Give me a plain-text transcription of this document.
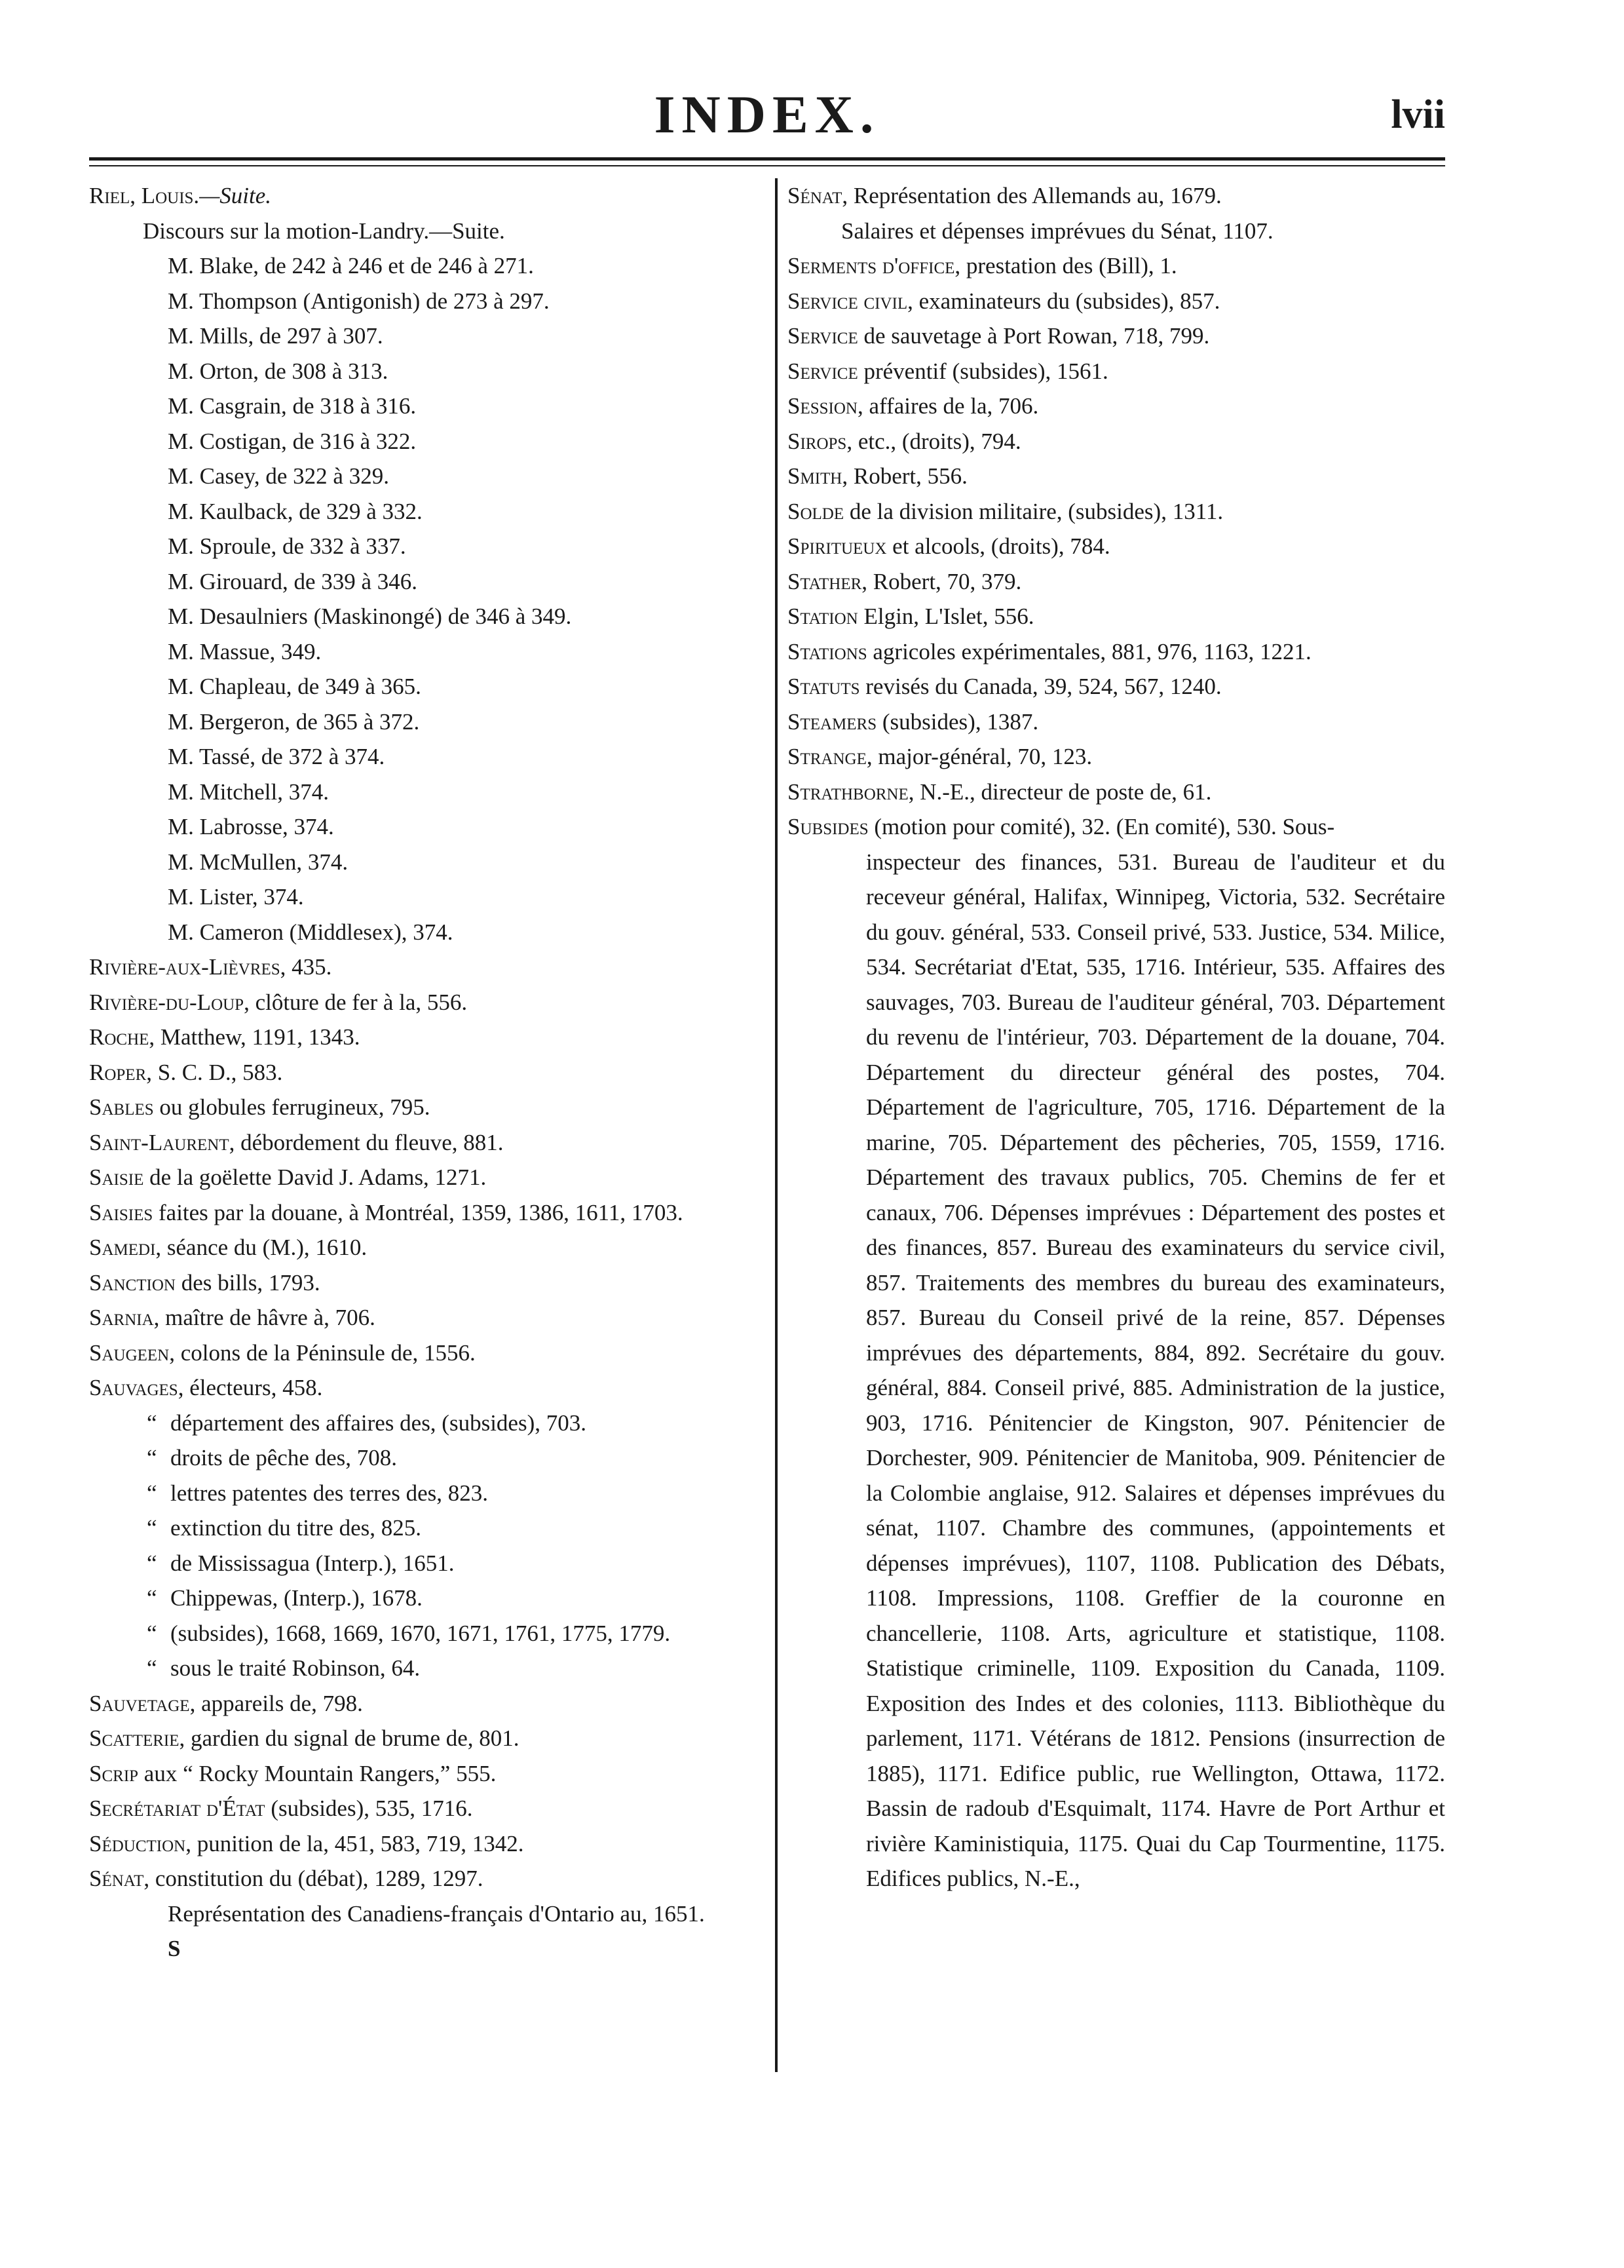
INDEX.	lvii

Riel, Louis.—Suite.

Discours sur la motion-Landry.—Suite.

M. Blake, de 242 à 246 et de 246 à 271.

M. Thompson (Antigonish) de 273 à 297.

M. Mills, de 297 à 307.

M. Orton, de 308 à 313.

M. Casgrain, de 318 à 316.

M. Costigan, de 316 à 322.

M. Casey, de 322 à 329.

M. Kaulback, de 329 à 332.

M. Sproule, de 332 à 337.

M. Girouard, de 339 à 346.

M. Desaulniers (Maskinongé) de 346 à 349.

M. Massue, 349.

M. Chapleau, de 349 à 365.

M. Bergeron, de 365 à 372.

M. Tassé, de 372 à 374.

M. Mitchell, 374.

M. Labrosse, 374.

M. McMullen, 374.

M. Lister, 374.

M. Cameron (Middlesex), 374.

Rivière-aux-Lièvres, 435.

Rivière-du-Loup, clôture de fer à la, 556.

Roche, Matthew, 1191, 1343.

Roper, S. C. D., 583.

Sables ou globules ferrugineux, 795.

Saint-Laurent, débordement du fleuve, 881.

Saisie de la goëlette David J. Adams, 1271.

Saisies faites par la douane, à Montréal, 1359, 1386, 1611, 1703.

Samedi, séance du (M.), 1610.

Sanction des bills, 1793.

Sarnia, maître de hâvre à, 706.

Saugeen, colons de la Péninsule de, 1556.

Sauvages, électeurs, 458.

“ département des affaires des, (subsides), 703.
“ droits de pêche des, 708.
“ lettres patentes des terres des, 823.
“ extinction du titre des, 825.
“ de Mississagua (Interp.), 1651.
“ Chippewas, (Interp.), 1678.
“ (subsides), 1668, 1669, 1670, 1671, 1761, 1775, 1779.
“ sous le traité Robinson, 64.

Sauvetage, appareils de, 798.

Scatterie, gardien du signal de brume de, 801.

Scrip aux “ Rocky Mountain Rangers,” 555.

Secrétariat d'État (subsides), 535, 1716.

Séduction, punition de la, 451, 583, 719, 1342.

Sénat, constitution du (débat), 1289, 1297.

Représentation des Canadiens-français d'Ontario au, 1651.

S

Sénat, Représentation des Allemands au, 1679.

Salaires et dépenses imprévues du Sénat, 1107.

Serments d'office, prestation des (Bill), 1.

Service civil, examinateurs du (subsides), 857.

Service de sauvetage à Port Rowan, 718, 799.

Service préventif (subsides), 1561.

Session, affaires de la, 706.

Sirops, etc., (droits), 794.

Smith, Robert, 556.

Solde de la division militaire, (subsides), 1311.

Spiritueux et alcools, (droits), 784.

Stather, Robert, 70, 379.

Station Elgin, L'Islet, 556.

Stations agricoles expérimentales, 881, 976, 1163, 1221.

Statuts revisés du Canada, 39, 524, 567, 1240.

Steamers (subsides), 1387.

Strange, major-général, 70, 123.

Strathborne, N.-E., directeur de poste de, 61.

Subsides (motion pour comité), 32. (En comité), 530. Sous-

inspecteur des finances, 531. Bureau de l'auditeur et du receveur général, Halifax, Winnipeg, Victoria, 532. Secrétaire du gouv. général, 533. Conseil privé, 533. Justice, 534. Milice, 534. Secrétariat d'Etat, 535, 1716. Intérieur, 535. Affaires des sauvages, 703. Bureau de l'auditeur général, 703. Département du revenu de l'intérieur, 703. Département de la douane, 704. Département du directeur général des postes, 704. Département de l'agriculture, 705, 1716. Département de la marine, 705. Département des pêcheries, 705, 1559, 1716. Département des travaux publics, 705. Chemins de fer et canaux, 706. Dépenses imprévues : Département des postes et des finances, 857. Bureau des examinateurs du service civil, 857. Traitements des membres du bureau des examinateurs, 857. Bureau du Conseil privé de la reine, 857. Dépenses imprévues des départements, 884, 892. Secrétaire du gouv. général, 884. Conseil privé, 885. Administration de la justice, 903, 1716. Pénitencier de Kingston, 907. Pénitencier de Dorchester, 909. Pénitencier de Manitoba, 909. Pénitencier de la Colombie anglaise, 912. Salaires et dépenses imprévues du sénat, 1107. Chambre des communes, (appointements et dépenses imprévues), 1107, 1108. Publication des Débats, 1108. Impressions, 1108. Greffier de la couronne en chancellerie, 1108. Arts, agriculture et statistique, 1108. Statistique criminelle, 1109. Exposition du Canada, 1109. Exposition des Indes et des colonies, 1113. Bibliothèque du parlement, 1171. Vétérans de 1812. Pensions (insurrection de 1885), 1171. Edifice public, rue Wellington, Ottawa, 1172. Bassin de radoub d'Esquimalt, 1174. Havre de Port Arthur et rivière Kaministiquia, 1175. Quai du Cap Tourmentine, 1175. Edifices publics, N.-E.,
